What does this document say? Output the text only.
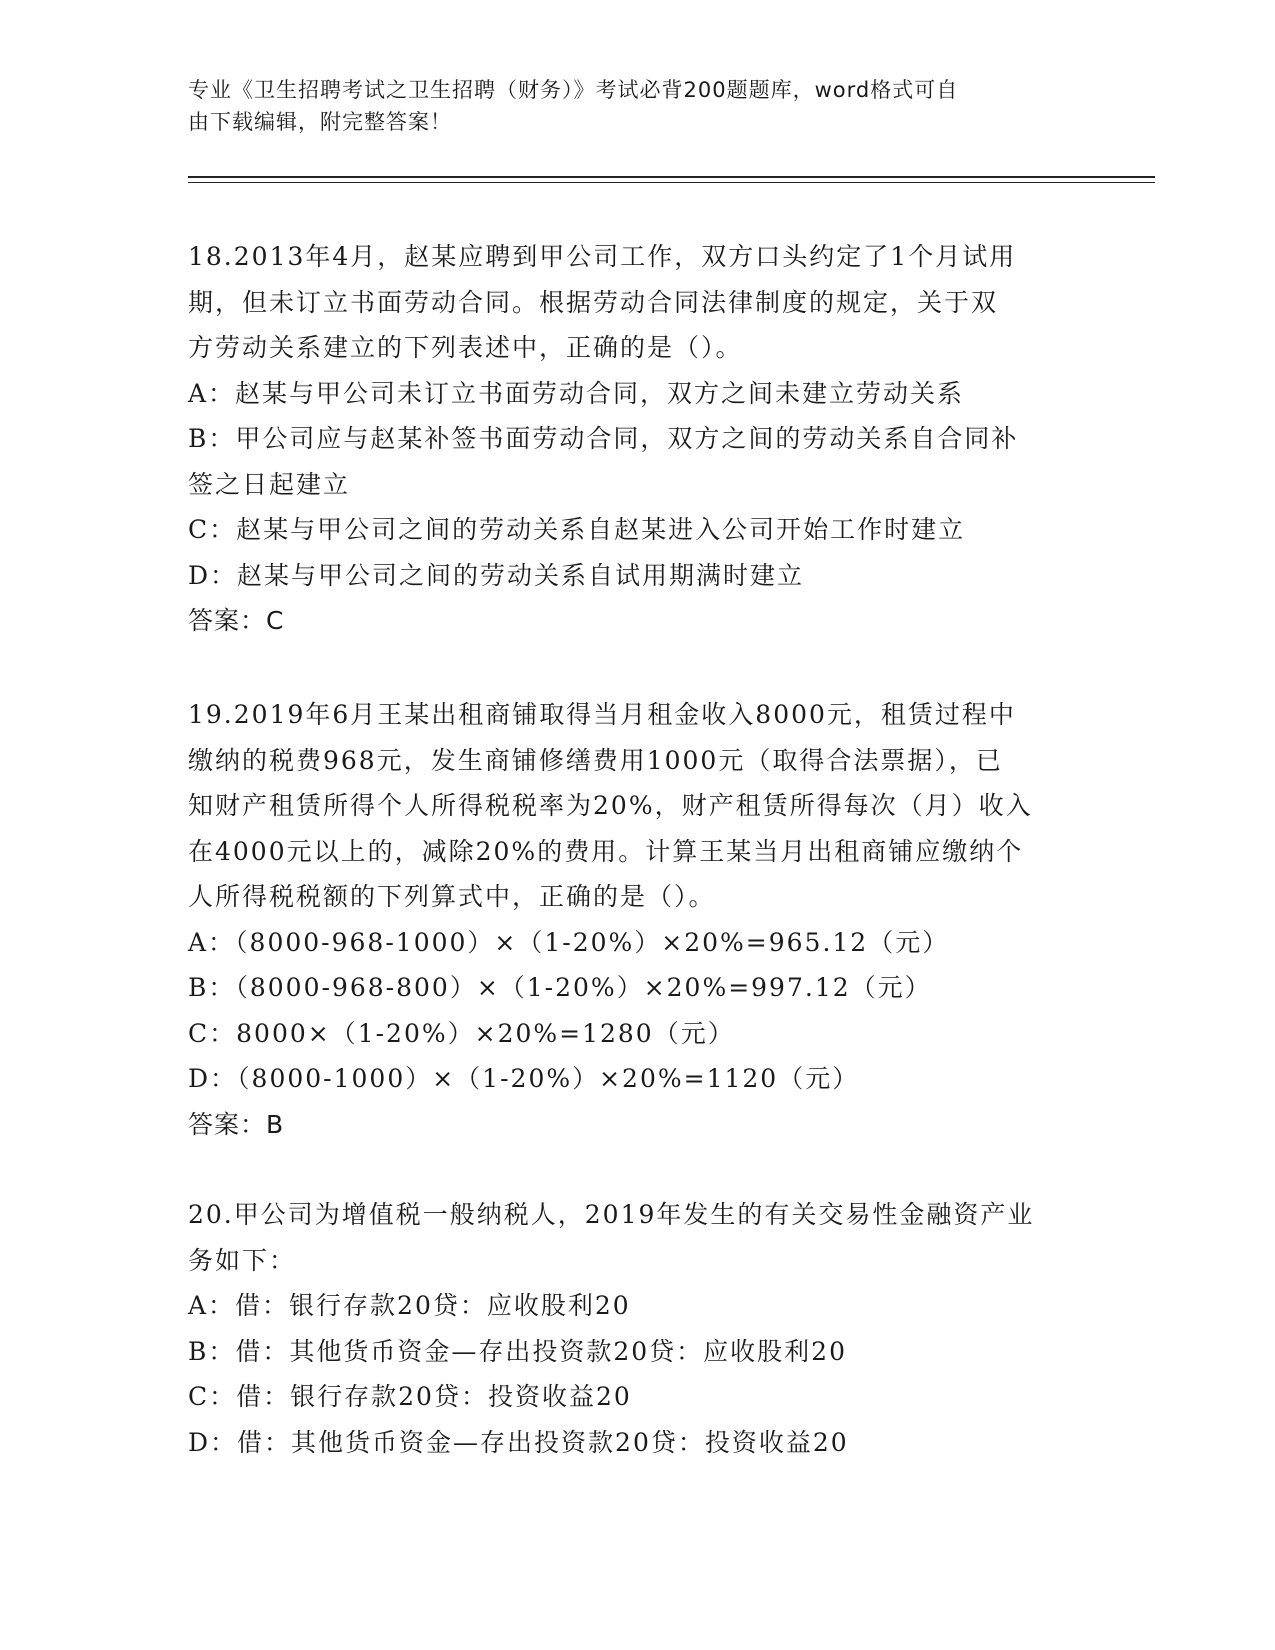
专业《卫生招聘考试之卫生招聘（财务）》考试必背200题题库，word格式可自
由下载编辑，附完整答案！

18.2013年4月，赵某应聘到甲公司工作，双方口头约定了1个月试用

期，但未订立书面劳动合同。根据劳动合同法律制度的规定，关于双

方劳动关系建立的下列表述中，正确的是（）。

A：赵某与甲公司未订立书面劳动合同，双方之间未建立劳动关系

B：甲公司应与赵某补签书面劳动合同，双方之间的劳动关系自合同补

签之日起建立

C：赵某与甲公司之间的劳动关系自赵某进入公司开始工作时建立

D：赵某与甲公司之间的劳动关系自试用期满时建立

答案：C

19.2019年6月王某出租商铺取得当月租金收入8000元，租赁过程中

缴纳的税费968元，发生商铺修缮费用1000元（取得合法票据），已

知财产租赁所得个人所得税税率为20%，财产租赁所得每次（月）收入

在4000元以上的，减除20%的费用。计算王某当月出租商铺应缴纳个

人所得税税额的下列算式中，正确的是（）。

A：（8000-968-1000）×（1-20%）×20%=965.12（元）

B：（8000-968-800）×（1-20%）×20%=997.12（元）

C：8000×（1-20%）×20%=1280（元）

D：（8000-1000）×（1-20%）×20%=1120（元）

答案：B

20.甲公司为增值税一般纳税人，2019年发生的有关交易性金融资产业

务如下：

A：借：银行存款20贷：应收股利20

B：借：其他货币资金—存出投资款20贷：应收股利20

C：借：银行存款20贷：投资收益20

D：借：其他货币资金—存出投资款20贷：投资收益20
